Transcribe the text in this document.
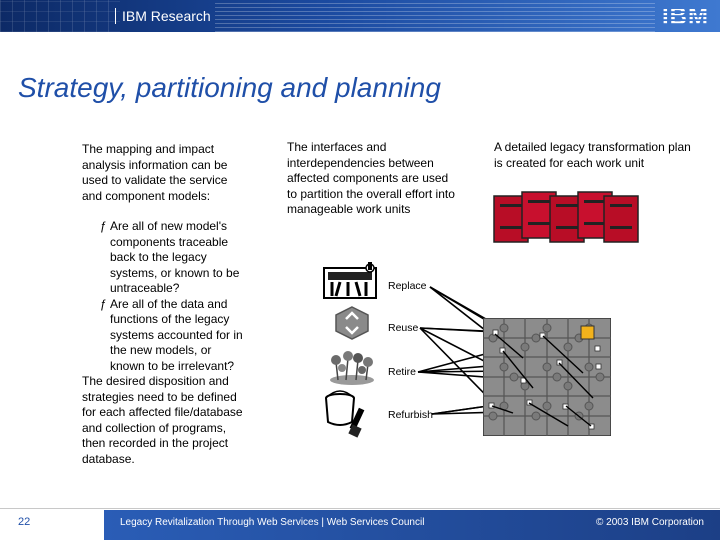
IBM Research	IBM
Strategy, partitioning and planning

The mapping and impact analysis information can be used to validate the service and component models:

ƒ Are all of new model's components traceable back to the legacy systems, or known to be untraceable?
ƒ Are all of the data and functions of the legacy systems accounted for in the new models, or known to be irrelevant?

The desired disposition and strategies need to be defined for each affected file/database and collection of programs, then recorded in the project database.

The interfaces and interdependencies between affected components are used to partition the overall effort into manageable work units
A detailed legacy transformation plan is created for each work unit
Replace
Reuse
Retire
Refurbish
22	Legacy Revitalization Through Web Services | Web Services Council	© 2003 IBM Corporation
